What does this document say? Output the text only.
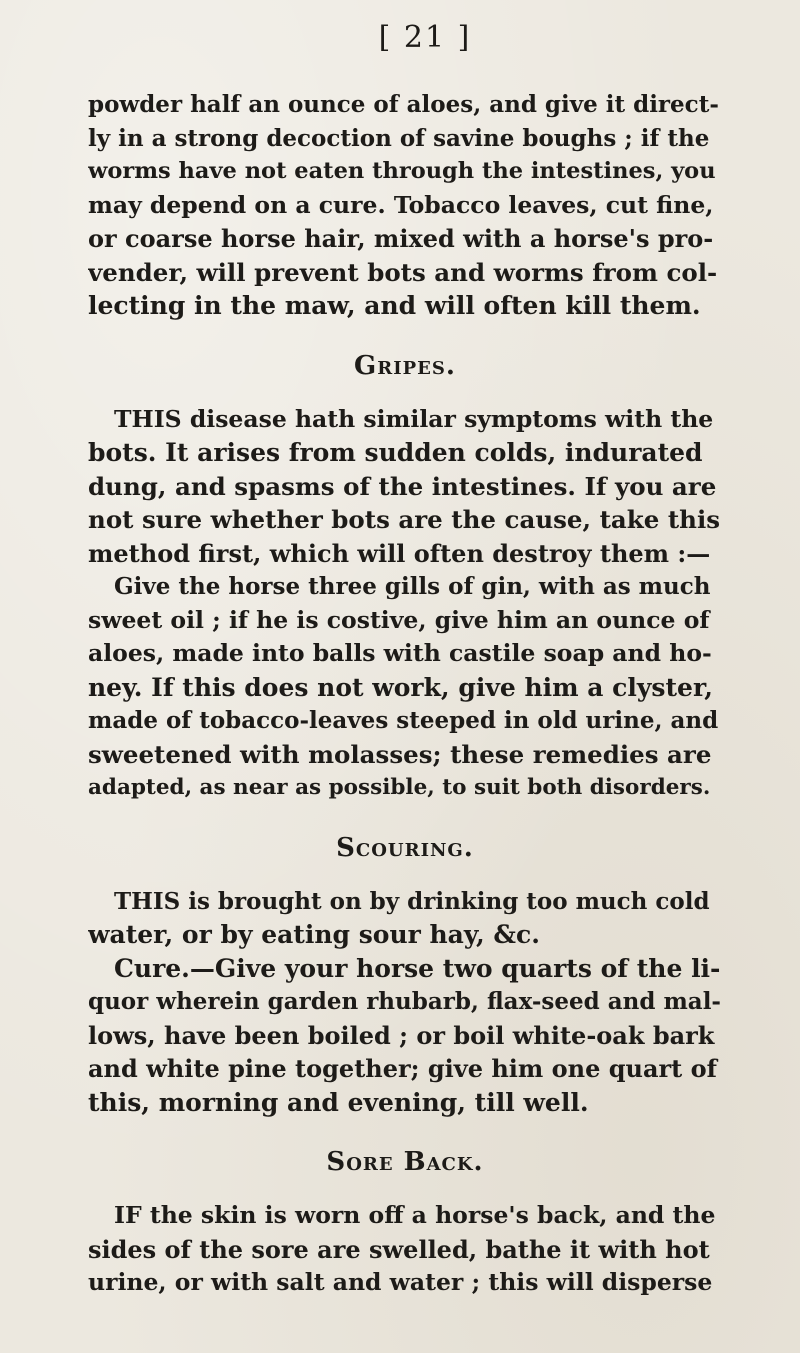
[ 21 ]
powder half an ounce of aloes, and give it direct-
ly in a strong decoction of savine boughs ; if the
worms have not eaten through the intestines, you
may depend on a cure. Tobacco leaves, cut fine,
or coarse horse hair, mixed with a horse's pro-
vender, will prevent bots and worms from col-
lecting in the maw, and will often kill them.
Gripes.
THIS disease hath similar symptoms with the
bots. It arises from sudden colds, indurated
dung, and spasms of the intestines. If you are
not sure whether bots are the cause, take this
method first, which will often destroy them :—
Give the horse three gills of gin, with as much
sweet oil ; if he is costive, give him an ounce of
aloes, made into balls with castile soap and ho-
ney. If this does not work, give him a clyster,
made of tobacco-leaves steeped in old urine, and
sweetened with molasses; these remedies are
adapted, as near as possible, to suit both disorders.
Scouring.
THIS is brought on by drinking too much cold
water, or by eating sour hay, &c.
Cure.—Give your horse two quarts of the li-
quor wherein garden rhubarb, flax-seed and mal-
lows, have been boiled ; or boil white-oak bark
and white pine together; give him one quart of
this, morning and evening, till well.
Sore Back.
IF the skin is worn off a horse's back, and the
sides of the sore are swelled, bathe it with hot
urine, or with salt and water ; this will disperse
